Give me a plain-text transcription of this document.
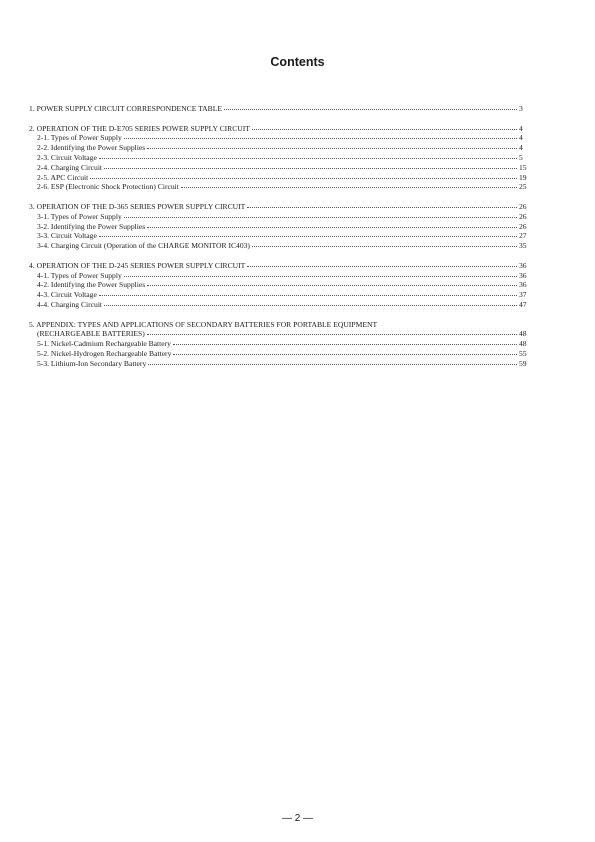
Contents
1. POWER SUPPLY CIRCUIT CORRESPONDENCE TABLE	3
2. OPERATION OF THE D-E705 SERIES POWER SUPPLY CIRCUIT	4
2-1. Types of Power Supply	4
2-2. Identifying the Power Supplies	4
2-3. Circuit Voltage	5
2-4. Charging Circuit	15
2-5. APC Circuit	19
2-6. ESP (Electronic Shock Protection) Circuit	25
3. OPERATION OF THE D-365 SERIES POWER SUPPLY CIRCUIT	26
3-1. Types of Power Supply	26
3-2. Identifying the Power Supplies	26
3-3. Circuit Voltage	27
3-4. Charging Circuit (Operation of the CHARGE MONITOR IC403)	35
4. OPERATION OF THE D-245 SERIES POWER SUPPLY CIRCUIT	36
4-1. Types of Power Supply	36
4-2. Identifying the Power Supplies	36
4-3. Circuit Voltage	37
4-4. Charging Circuit	47
5. APPENDIX: TYPES AND APPLICATIONS OF SECONDARY BATTERIES FOR PORTABLE EQUIPMENT
(RECHARGEABLE BATTERIES)	48
5-1. Nickel-Cadmium Rechargeable Battery	48
5-2. Nickel-Hydrogen Rechargeable Battery	55
5-3. Lithium-Ion Secondary Battery	59
— 2 —
